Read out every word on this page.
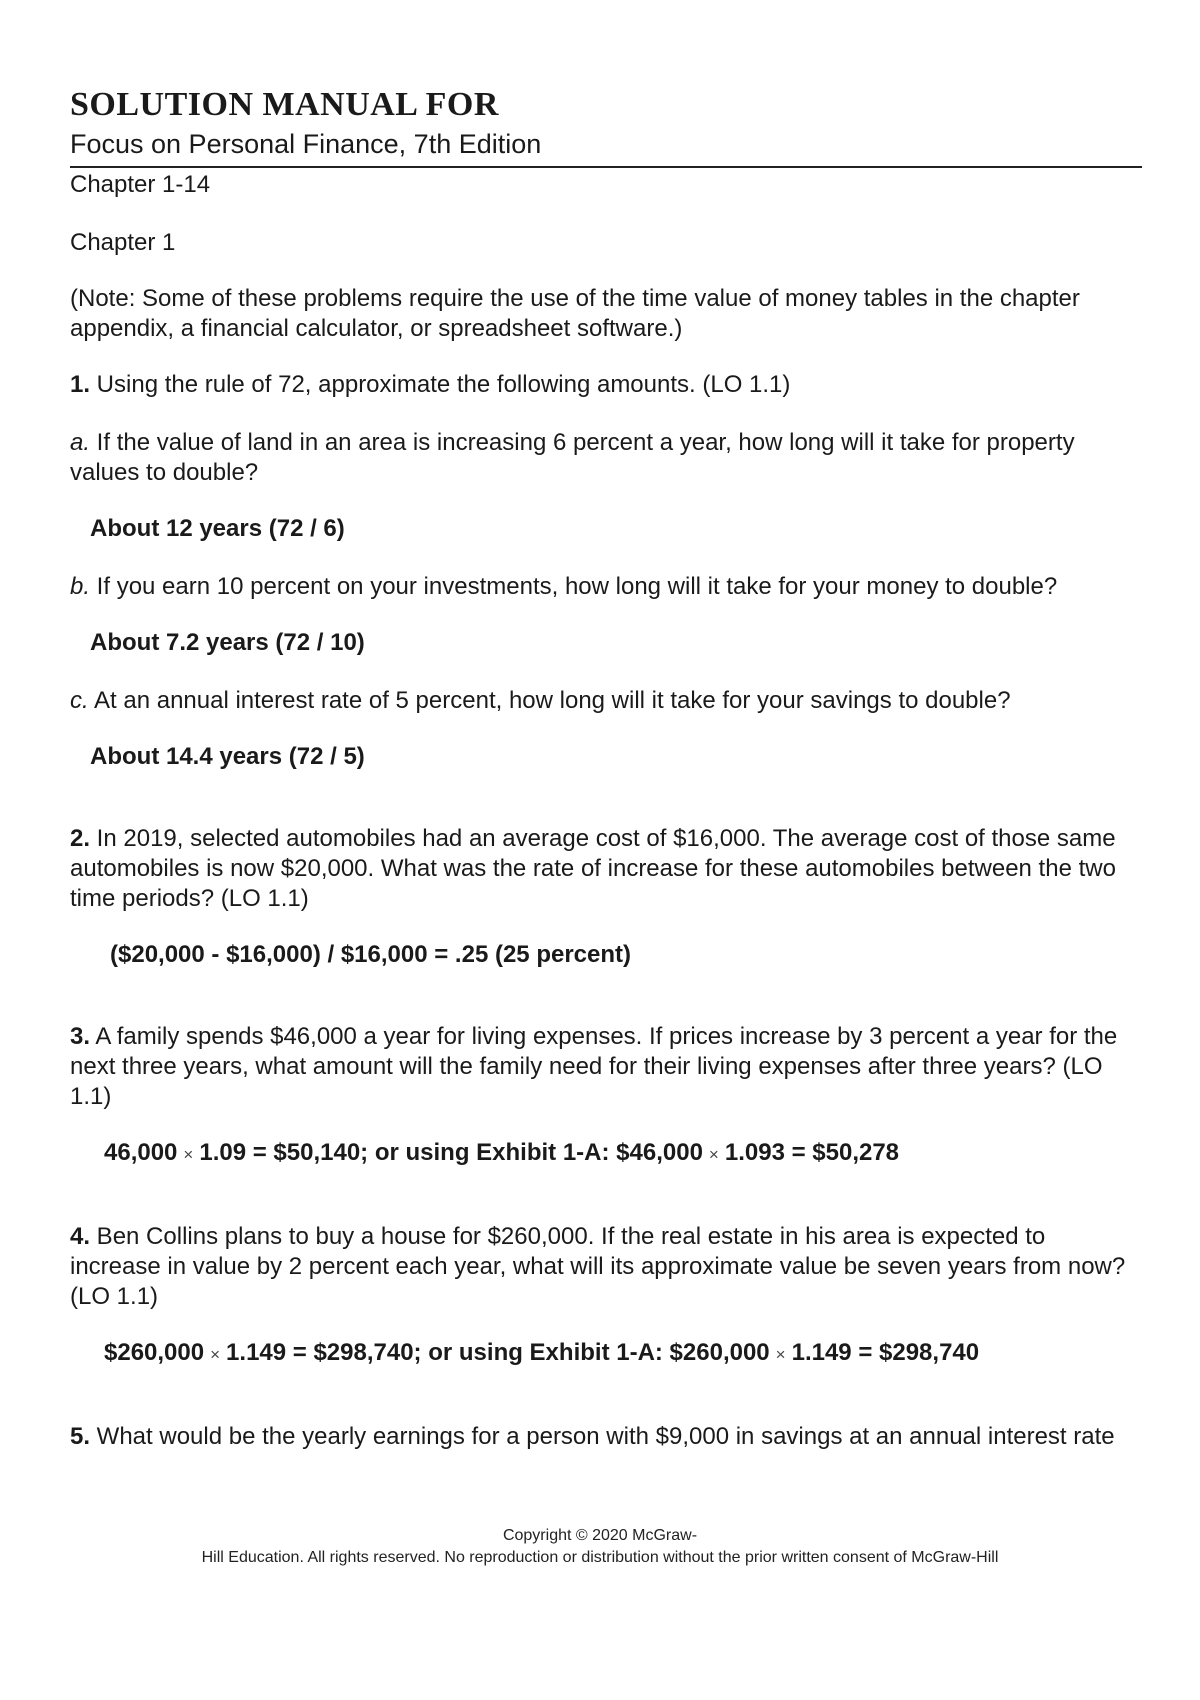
SOLUTION MANUAL FOR
Focus on Personal Finance, 7th Edition
Chapter 1-14
Chapter 1
(Note: Some of these problems require the use of the time value of money tables in the chapter appendix, a financial calculator, or spreadsheet software.)
1. Using the rule of 72, approximate the following amounts. (LO 1.1)
a. If the value of land in an area is increasing 6 percent a year, how long will it take for property values to double?
About 12 years (72 / 6)
b. If you earn 10 percent on your investments, how long will it take for your money to double?
About 7.2 years (72 / 10)
c. At an annual interest rate of 5 percent, how long will it take for your savings to double?
About 14.4 years (72 / 5)
2. In 2019, selected automobiles had an average cost of $16,000. The average cost of those same automobiles is now $20,000. What was the rate of increase for these automobiles between the two time periods? (LO 1.1)
($20,000 - $16,000) / $16,000 = .25 (25 percent)
3. A family spends $46,000 a year for living expenses. If prices increase by 3 percent a year for the next three years, what amount will the family need for their living expenses after three years? (LO 1.1)
46,000 × 1.09 = $50,140; or using Exhibit 1-A: $46,000 × 1.093 = $50,278
4. Ben Collins plans to buy a house for $260,000. If the real estate in his area is expected to increase in value by 2 percent each year, what will its approximate value be seven years from now? (LO 1.1)
$260,000 × 1.149 = $298,740; or using Exhibit 1-A: $260,000 × 1.149 = $298,740
5. What would be the yearly earnings for a person with $9,000 in savings at an annual interest rate
Copyright © 2020 McGraw-
Hill Education. All rights reserved. No reproduction or distribution without the prior written consent of McGraw-Hill
